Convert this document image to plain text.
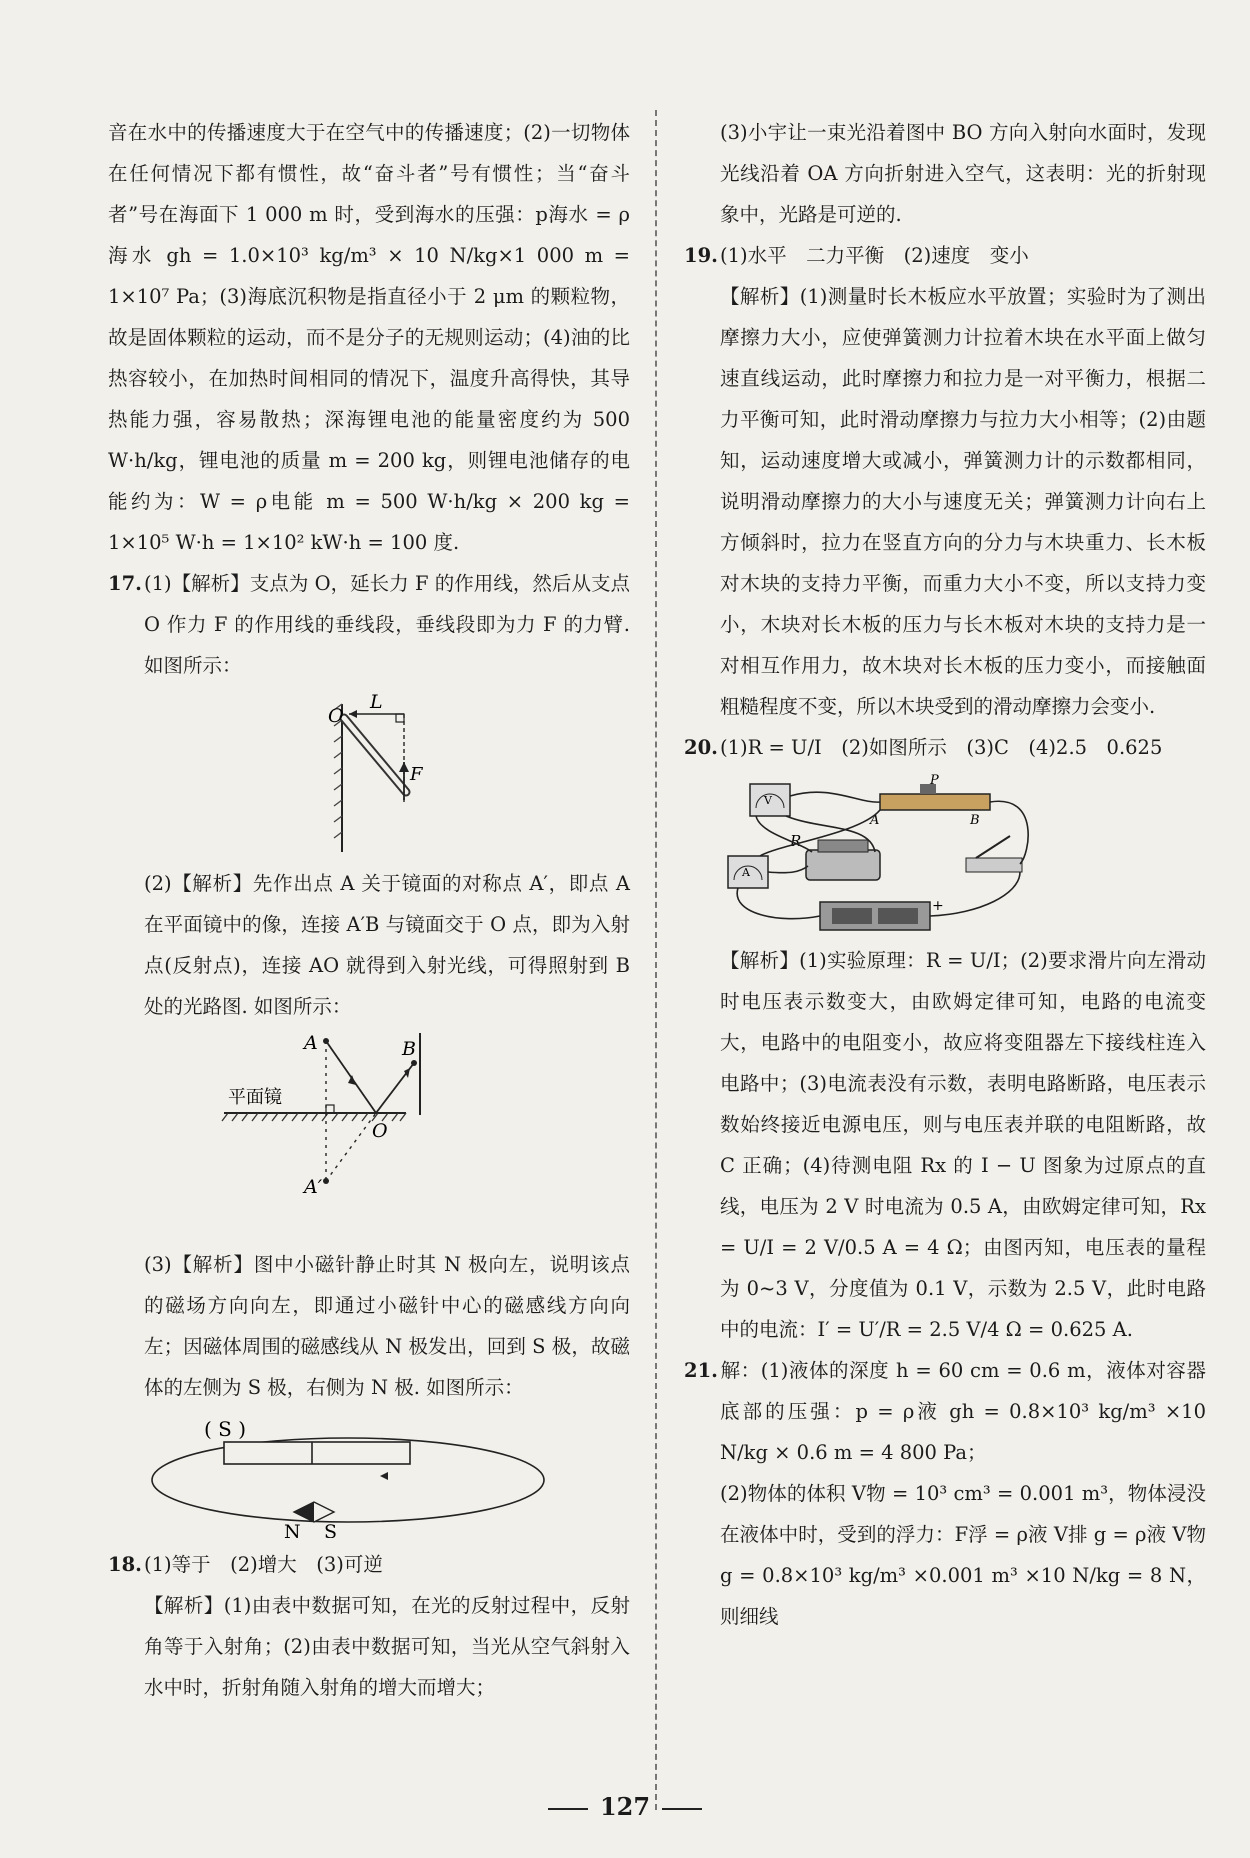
音在水中的传播速度大于在空气中的传播速度；(2)一切物体在任何情况下都有惯性，故“奋斗者”号有惯性；当“奋斗者”号在海面下 1 000 m 时，受到海水的压强：p海水 = ρ海水 gh = 1.0×10³ kg/m³ × 10 N/kg×1 000 m = 1×10⁷ Pa；(3)海底沉积物是指直径小于 2 μm 的颗粒物，故是固体颗粒的运动，而不是分子的无规则运动；(4)油的比热容较小，在加热时间相同的情况下，温度升高得快，其导热能力强，容易散热；深海锂电池的能量密度约为 500 W·h/kg，锂电池的质量 m = 200 kg，则锂电池储存的电能约为：W = ρ电能 m = 500 W·h/kg × 200 kg = 1×10⁵ W·h = 1×10² kW·h = 100 度.

17. (1)【解析】支点为 O，延长力 F 的作用线，然后从支点 O 作力 F 的作用线的垂线段，垂线段即为力 F 的力臂. 如图所示：

O
L
F

(2)【解析】先作出点 A 关于镜面的对称点 A′，即点 A 在平面镜中的像，连接 A′B 与镜面交于 O 点，即为入射点(反射点)，连接 AO 就得到入射光线，可得照射到 B 处的光路图. 如图所示：

A	B
O
A′
平面镜

(3)【解析】图中小磁针静止时其 N 极向左，说明该点的磁场方向向左，即通过小磁针中心的磁感线方向向左；因磁体周围的磁感线从 N 极发出，回到 S 极，故磁体的左侧为 S 极，右侧为 N 极. 如图所示：

( S )
N S

18. (1)等于　(2)增大　(3)可逆

【解析】(1)由表中数据可知，在光的反射过程中，反射角等于入射角；(2)由表中数据可知，当光从空气斜射入水中时，折射角随入射角的增大而增大；

(3)小宇让一束光沿着图中 BO 方向入射向水面时，发现光线沿着 OA 方向折射进入空气，这表明：光的折射现象中，光路是可逆的.

19. (1)水平　二力平衡　(2)速度　变小

【解析】(1)测量时长木板应水平放置；实验时为了测出摩擦力大小，应使弹簧测力计拉着木块在水平面上做匀速直线运动，此时摩擦力和拉力是一对平衡力，根据二力平衡可知，此时滑动摩擦力与拉力大小相等；(2)由题知，运动速度增大或减小，弹簧测力计的示数都相同，说明滑动摩擦力的大小与速度无关；弹簧测力计向右上方倾斜时，拉力在竖直方向的分力与木块重力、长木板对木块的支持力平衡，而重力大小不变，所以支持力变小，木块对长木板的压力与长木板对木块的支持力是一对相互作用力，故木块对长木板的压力变小，而接触面粗糙程度不变，所以木块受到的滑动摩擦力会变小.

20. (1)R = U/I　(2)如图所示　(3)C　(4)2.5　0.625

V
A
R
P
A	B
+

【解析】(1)实验原理：R = U/I；(2)要求滑片向左滑动时电压表示数变大，由欧姆定律可知，电路的电流变大，电路中的电阻变小，故应将变阻器左下接线柱连入电路中；(3)电流表没有示数，表明电路断路，电压表示数始终接近电源电压，则与电压表并联的电阻断路，故 C 正确；(4)待测电阻 Rx 的 I − U 图象为过原点的直线，电压为 2 V 时电流为 0.5 A，由欧姆定律可知，Rx = U/I = 2 V/0.5 A = 4 Ω；由图丙知，电压表的量程为 0~3 V，分度值为 0.1 V，示数为 2.5 V，此时电路中的电流：I′ = U′/R = 2.5 V/4 Ω = 0.625 A.

21. 解：(1)液体的深度 h = 60 cm = 0.6 m，液体对容器底部的压强：p = ρ液 gh = 0.8×10³ kg/m³ ×10 N/kg × 0.6 m = 4 800 Pa；

(2)物体的体积 V物 = 10³ cm³ = 0.001 m³，物体浸没在液体中时，受到的浮力：F浮 = ρ液 V排 g = ρ液 V物 g = 0.8×10³ kg/m³ ×0.001 m³ ×10 N/kg = 8 N，则细线

127
